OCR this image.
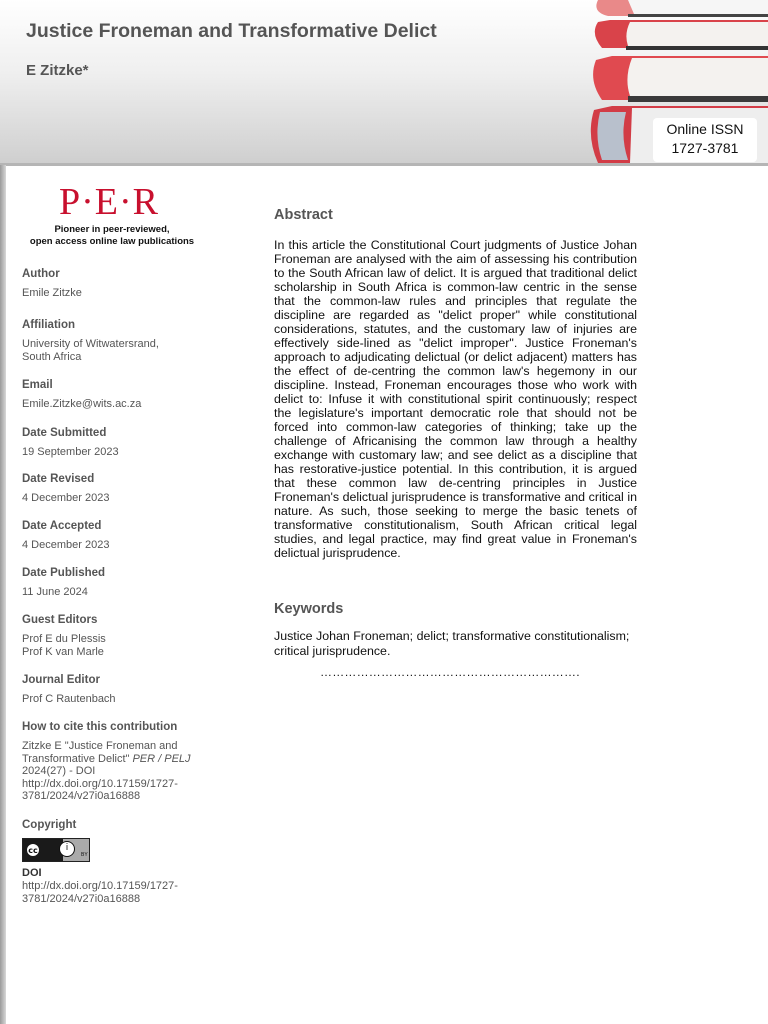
Justice Froneman and Transformative Delict
E Zitzke*
Online ISSN
1727-3781
P·E·R
Pioneer in peer-reviewed,
open access online law publications
Author
Emile Zitzke
Affiliation
University of Witwatersrand,
South Africa
Email
Emile.Zitzke@wits.ac.za
Date Submitted
19 September 2023
Date Revised
4 December 2023
Date Accepted
4 December 2023
Date Published
11 June 2024
Guest Editors
Prof E du Plessis
Prof K van Marle
Journal Editor
Prof C Rautenbach
How to cite this contribution
Zitzke E "Justice Froneman and
Transformative Delict" PER / PELJ
2024(27) - DOI
http://dx.doi.org/10.17159/1727-
3781/2024/v27i0a16888
Copyright
cc	i
BY
DOI
http://dx.doi.org/10.17159/1727-
3781/2024/v27i0a16888
Abstract

In this article the Constitutional Court judgments of Justice Johan Froneman are analysed with the aim of assessing his contribution to the South African law of delict. It is argued that traditional delict scholarship in South Africa is common-law centric in the sense that the common-law rules and principles that regulate the discipline are regarded as "delict proper" while constitutional considerations, statutes, and the customary law of injuries are effectively side-lined as "delict improper". Justice Froneman's approach to adjudicating delictual (or delict adjacent) matters has the effect of de-centring the common law's hegemony in our discipline. Instead, Froneman encourages those who work with delict to: Infuse it with constitutional spirit continuously; respect the legislature's important democratic role that should not be forced into common-law categories of thinking; take up the challenge of Africanising the common law through a healthy exchange with customary law; and see delict as a discipline that has restorative-justice potential. In this contribution, it is argued that these common law de-centring principles in Justice Froneman's delictual jurisprudence is transformative and critical in nature. As such, those seeking to merge the basic tenets of transformative constitutionalism, South African critical legal studies, and legal practice, may find great value in Froneman's delictual jurisprudence.

Keywords

Justice Johan Froneman; delict; transformative constitutionalism; critical jurisprudence.

……………………………………………………….
